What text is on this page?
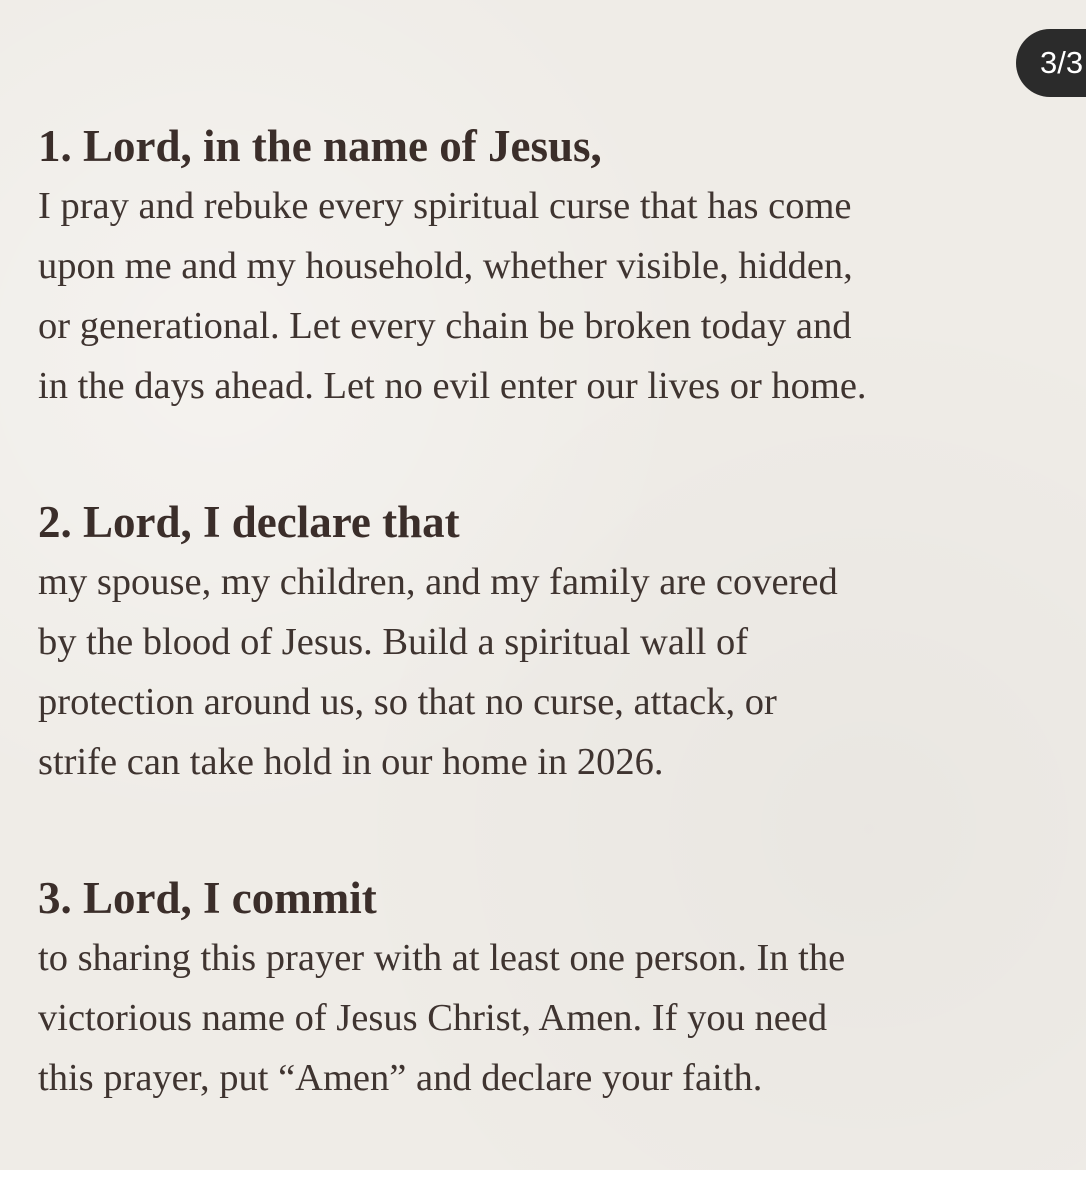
3/3

1. Lord, in the name of Jesus,

I pray and rebuke every spiritual curse that has come

upon me and my household, whether visible, hidden,

or generational. Let every chain be broken today and

in the days ahead. Let no evil enter our lives or home.

2. Lord, I declare that

my spouse, my children, and my family are covered

by the blood of Jesus. Build a spiritual wall of

protection around us, so that no curse, attack, or

strife can take hold in our home in 2026.

3. Lord, I commit

to sharing this prayer with at least one person. In the

victorious name of Jesus Christ, Amen. If you need

this prayer, put “Amen” and declare your faith.
